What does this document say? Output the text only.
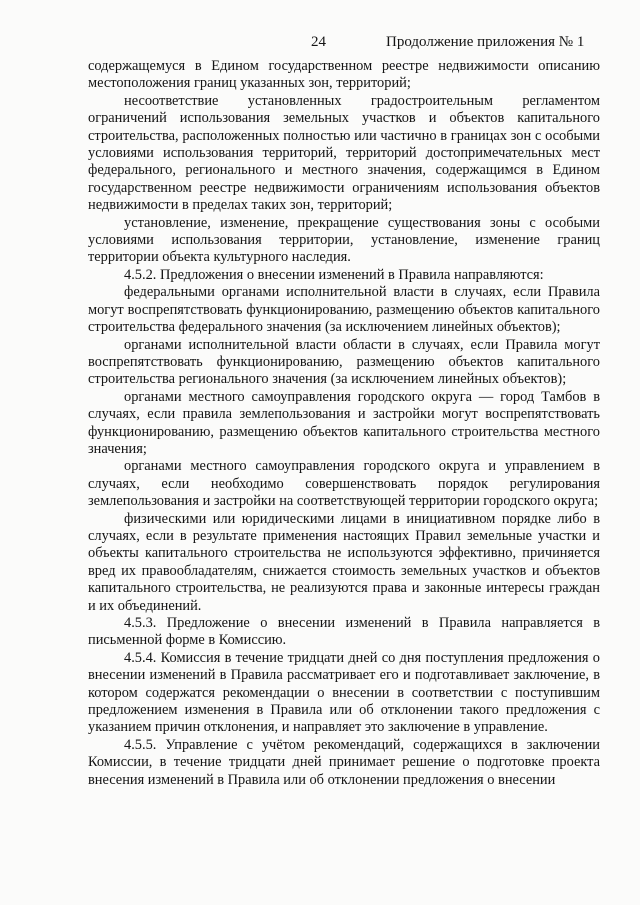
24	Продолжение приложения № 1

содержащемуся в Едином государственном реестре недвижимости описанию местоположения границ указанных зон, территорий;

несоответствие установленных градостроительным регламентом ограничений использования земельных участков и объектов капитального строительства, расположенных полностью или частично в границах зон с особыми условиями использования территорий, территорий достопримечательных мест федерального, регионального и местного значения, содержащимся в Едином государственном реестре недвижимости ограничениям использования объектов недвижимости в пределах таких зон, территорий;

установление, изменение, прекращение существования зоны с особыми условиями использования территории, установление, изменение границ территории объекта культурного наследия.

4.5.2. Предложения о внесении изменений в Правила направляются:

федеральными органами исполнительной власти в случаях, если Правила могут воспрепятствовать функционированию, размещению объектов капитального строительства федерального значения (за исключением линейных объектов);

органами исполнительной власти области в случаях, если Правила могут воспрепятствовать функционированию, размещению объектов капитального строительства регионального значения (за исключением линейных объектов);

органами местного самоуправления городского округа — город Тамбов в случаях, если правила землепользования и застройки могут воспрепятствовать функционированию, размещению объектов капитального строительства местного значения;

органами местного самоуправления городского округа и управлением в случаях, если необходимо совершенствовать порядок регулирования землепользования и застройки на соответствующей территории городского округа;

физическими или юридическими лицами в инициативном порядке либо в случаях, если в результате применения настоящих Правил земельные участки и объекты капитального строительства не используются эффективно, причиняется вред их правообладателям, снижается стоимость земельных участков и объектов капитального строительства, не реализуются права и законные интересы граждан и их объединений.

4.5.3. Предложение о внесении изменений в Правила направляется в письменной форме в Комиссию.

4.5.4. Комиссия в течение тридцати дней со дня поступления предложения о внесении изменений в Правила рассматривает его и подготавливает заключение, в котором содержатся рекомендации о внесении в соответствии с поступившим предложением изменения в Правила или об отклонении такого предложения с указанием причин отклонения, и направляет это заключение в управление.

4.5.5. Управление с учётом рекомендаций, содержащихся в заключении Комиссии, в течение тридцати дней принимает решение о подготовке проекта внесения изменений в Правила или об отклонении предложения о внесении
